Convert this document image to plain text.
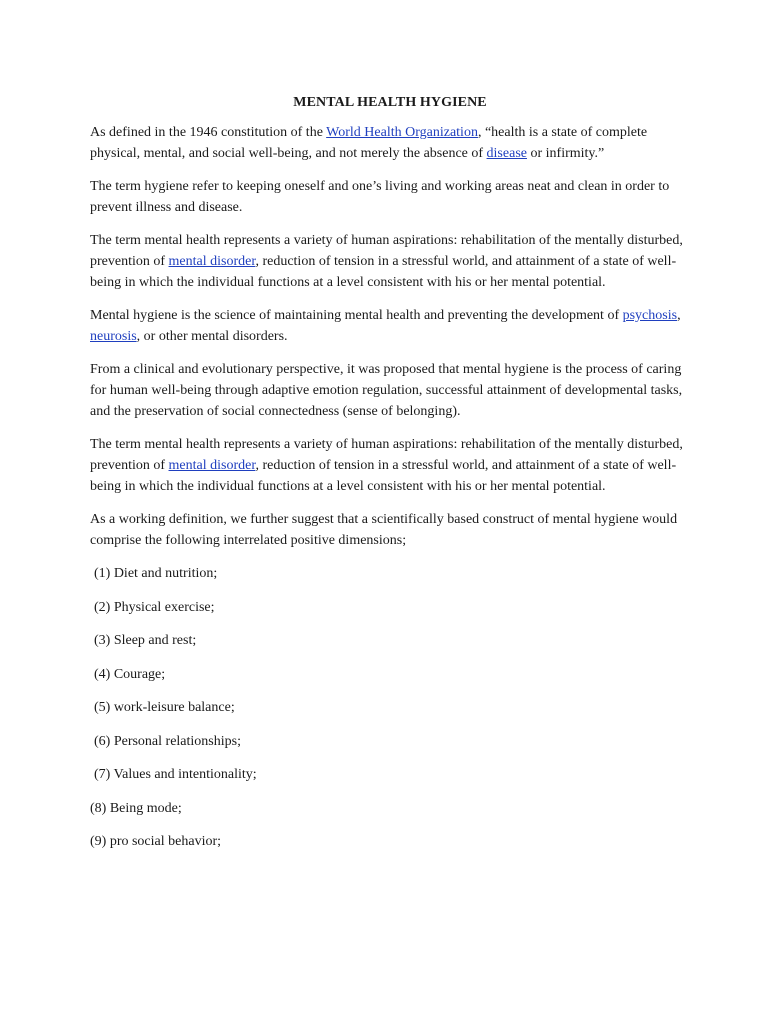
MENTAL HEALTH HYGIENE

As defined in the 1946 constitution of the World Health Organization, “health is a state of complete physical, mental, and social well-being, and not merely the absence of disease or infirmity.”

The term hygiene refer to keeping oneself and one’s living and working areas neat and clean in order to prevent illness and disease.

The term mental health represents a variety of human aspirations: rehabilitation of the mentally disturbed, prevention of mental disorder, reduction of tension in a stressful world, and attainment of a state of well-being in which the individual functions at a level consistent with his or her mental potential.

Mental hygiene is the science of maintaining mental health and preventing the development of psychosis, neurosis, or other mental disorders.

From a clinical and evolutionary perspective, it was proposed that mental hygiene is the process of caring for human well-being through adaptive emotion regulation, successful attainment of developmental tasks, and the preservation of social connectedness (sense of belonging).

The term mental health represents a variety of human aspirations: rehabilitation of the mentally disturbed, prevention of mental disorder, reduction of tension in a stressful world, and attainment of a state of well-being in which the individual functions at a level consistent with his or her mental potential.

As a working definition, we further suggest that a scientifically based construct of mental hygiene would comprise the following interrelated positive dimensions;

(1) Diet and nutrition;

(2) Physical exercise;

(3) Sleep and rest;

(4) Courage;

(5) work-leisure balance;

(6) Personal relationships;

(7) Values and intentionality;

(8) Being mode;

(9) pro social behavior;
